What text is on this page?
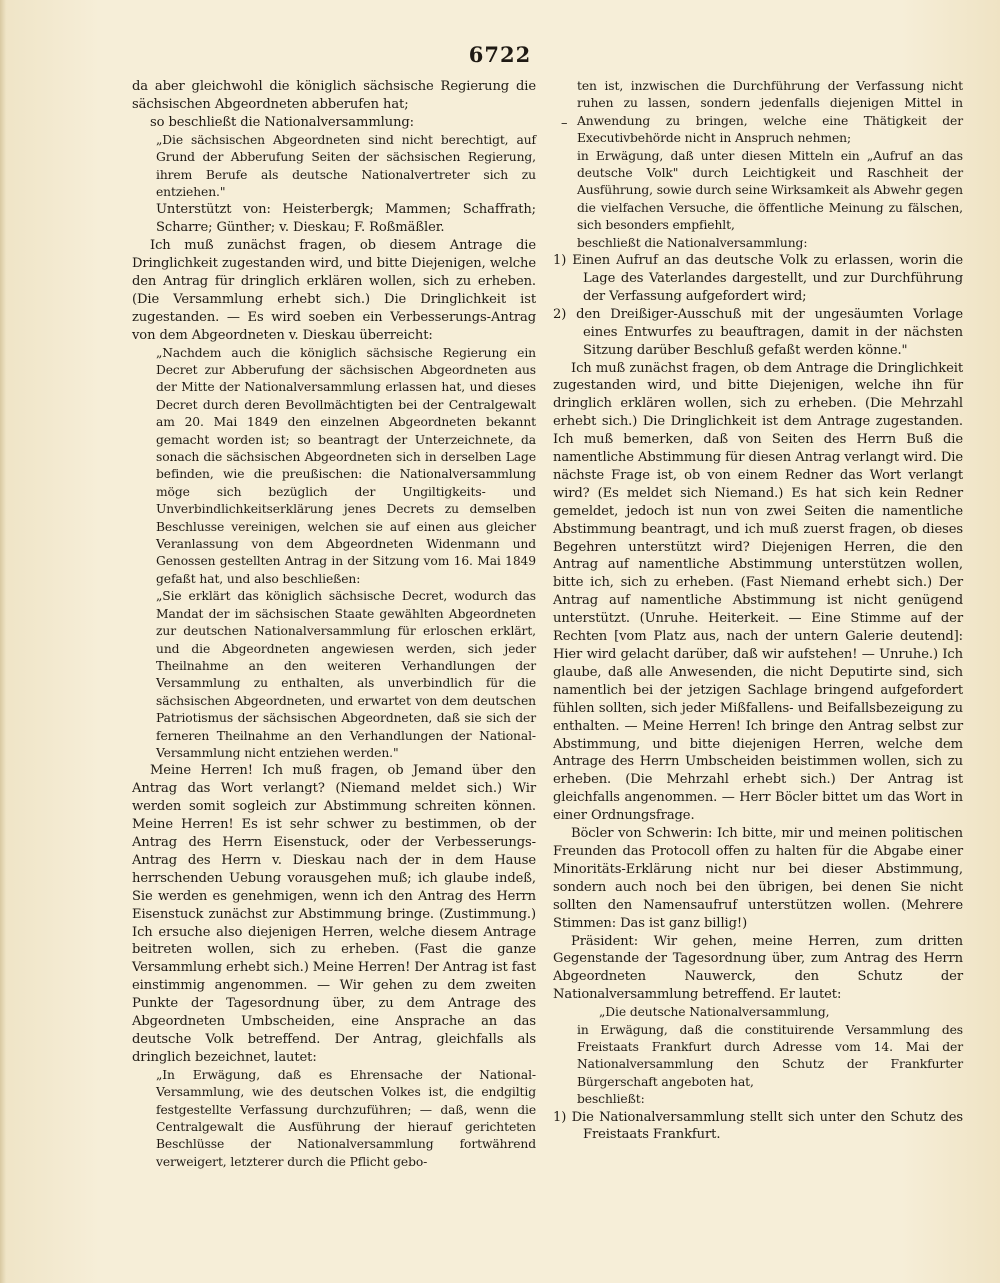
6722
–

da aber gleichwohl die königlich sächsische Regierung die sächsischen Abgeordneten abberufen hat;

so beschließt die Nationalversammlung:

„Die sächsischen Abgeordneten sind nicht berechtigt, auf Grund der Abberufung Seiten der sächsischen Regierung, ihrem Berufe als deutsche Nationalvertreter sich zu entziehen."

Unterstützt von: Heisterbergk; Mammen; Schaffrath; Scharre; Günther; v. Dieskau; F. Roßmäßler.

Ich muß zunächst fragen, ob diesem Antrage die Dringlichkeit zugestanden wird, und bitte Diejenigen, welche den Antrag für dringlich erklären wollen, sich zu erheben. (Die Versammlung erhebt sich.) Die Dringlichkeit ist zugestanden. — Es wird soeben ein Verbesserungs-Antrag von dem Abgeordneten v. Dieskau überreicht:

„Nachdem auch die königlich sächsische Regierung ein Decret zur Abberufung der sächsischen Abgeordneten aus der Mitte der Nationalversammlung erlassen hat, und dieses Decret durch deren Bevollmächtigten bei der Centralgewalt am 20. Mai 1849 den einzelnen Abgeordneten bekannt gemacht worden ist; so beantragt der Unterzeichnete, da sonach die sächsischen Abgeordneten sich in derselben Lage befinden, wie die preußischen: die Nationalversammlung möge sich bezüglich der Ungiltigkeits- und Unverbindlichkeitserklärung jenes Decrets zu demselben Beschlusse vereinigen, welchen sie auf einen aus gleicher Veranlassung von dem Abgeordneten Widenmann und Genossen gestellten Antrag in der Sitzung vom 16. Mai 1849 gefaßt hat, und also beschließen:

„Sie erklärt das königlich sächsische Decret, wodurch das Mandat der im sächsischen Staate gewählten Abgeordneten zur deutschen Nationalversammlung für erloschen erklärt, und die Abgeordneten angewiesen werden, sich jeder Theilnahme an den weiteren Verhandlungen der Versammlung zu enthalten, als unverbindlich für die sächsischen Abgeordneten, und erwartet von dem deutschen Patriotismus der sächsischen Abgeordneten, daß sie sich der ferneren Theilnahme an den Verhandlungen der National-Versammlung nicht entziehen werden."

Meine Herren! Ich muß fragen, ob Jemand über den Antrag das Wort verlangt? (Niemand meldet sich.) Wir werden somit sogleich zur Abstimmung schreiten können. Meine Herren! Es ist sehr schwer zu bestimmen, ob der Antrag des Herrn Eisenstuck, oder der Verbesserungs-Antrag des Herrn v. Dieskau nach der in dem Hause herrschenden Uebung vorausgehen muß; ich glaube indeß, Sie werden es genehmigen, wenn ich den Antrag des Herrn Eisenstuck zunächst zur Abstimmung bringe. (Zustimmung.) Ich ersuche also diejenigen Herren, welche diesem Antrage beitreten wollen, sich zu erheben. (Fast die ganze Versammlung erhebt sich.) Meine Herren! Der Antrag ist fast einstimmig angenommen. — Wir gehen zu dem zweiten Punkte der Tagesordnung über, zu dem Antrage des Abgeordneten Umbscheiden, eine Ansprache an das deutsche Volk betreffend. Der Antrag, gleichfalls als dringlich bezeichnet, lautet:

„In Erwägung, daß es Ehrensache der National-Versammlung, wie des deutschen Volkes ist, die endgiltig festgestellte Verfassung durchzuführen; — daß, wenn die Centralgewalt die Ausführung der hierauf gerichteten Beschlüsse der Nationalversammlung fortwährend verweigert, letzterer durch die Pflicht gebo-

ten ist, inzwischen die Durchführung der Verfassung nicht ruhen zu lassen, sondern jedenfalls diejenigen Mittel in Anwendung zu bringen, welche eine Thätigkeit der Executivbehörde nicht in Anspruch nehmen;

in Erwägung, daß unter diesen Mitteln ein „Aufruf an das deutsche Volk" durch Leichtigkeit und Raschheit der Ausführung, sowie durch seine Wirksamkeit als Abwehr gegen die vielfachen Versuche, die öffentliche Meinung zu fälschen, sich besonders empfiehlt,

beschließt die Nationalversammlung:

1) Einen Aufruf an das deutsche Volk zu erlassen, worin die Lage des Vaterlandes dargestellt, und zur Durchführung der Verfassung aufgefordert wird;

2) den Dreißiger-Ausschuß mit der ungesäumten Vorlage eines Entwurfes zu beauftragen, damit in der nächsten Sitzung darüber Beschluß gefaßt werden könne."

Ich muß zunächst fragen, ob dem Antrage die Dringlichkeit zugestanden wird, und bitte Diejenigen, welche ihn für dringlich erklären wollen, sich zu erheben. (Die Mehrzahl erhebt sich.) Die Dringlichkeit ist dem Antrage zugestanden. Ich muß bemerken, daß von Seiten des Herrn Buß die namentliche Abstimmung für diesen Antrag verlangt wird. Die nächste Frage ist, ob von einem Redner das Wort verlangt wird? (Es meldet sich Niemand.) Es hat sich kein Redner gemeldet, jedoch ist nun von zwei Seiten die namentliche Abstimmung beantragt, und ich muß zuerst fragen, ob dieses Begehren unterstützt wird? Diejenigen Herren, die den Antrag auf namentliche Abstimmung unterstützen wollen, bitte ich, sich zu erheben. (Fast Niemand erhebt sich.) Der Antrag auf namentliche Abstimmung ist nicht genügend unterstützt. (Unruhe. Heiterkeit. — Eine Stimme auf der Rechten [vom Platz aus, nach der untern Galerie deutend]: Hier wird gelacht darüber, daß wir aufstehen! — Unruhe.) Ich glaube, daß alle Anwesenden, die nicht Deputirte sind, sich namentlich bei der jetzigen Sachlage bringend aufgefordert fühlen sollten, sich jeder Mißfallens- und Beifallsbezeigung zu enthalten. — Meine Herren! Ich bringe den Antrag selbst zur Abstimmung, und bitte diejenigen Herren, welche dem Antrage des Herrn Umbscheiden beistimmen wollen, sich zu erheben. (Die Mehrzahl erhebt sich.) Der Antrag ist gleichfalls angenommen. — Herr Böcler bittet um das Wort in einer Ordnungsfrage.

Böcler von Schwerin: Ich bitte, mir und meinen politischen Freunden das Protocoll offen zu halten für die Abgabe einer Minoritäts-Erklärung nicht nur bei dieser Abstimmung, sondern auch noch bei den übrigen, bei denen Sie nicht sollten den Namensaufruf unterstützen wollen. (Mehrere Stimmen: Das ist ganz billig!)

Präsident: Wir gehen, meine Herren, zum dritten Gegenstande der Tagesordnung über, zum Antrag des Herrn Abgeordneten Nauwerck, den Schutz der Nationalversammlung betreffend. Er lautet:

„Die deutsche Nationalversammlung,

in Erwägung, daß die constituirende Versammlung des Freistaats Frankfurt durch Adresse vom 14. Mai der Nationalversammlung den Schutz der Frankfurter Bürgerschaft angeboten hat,

beschließt:

1) Die Nationalversammlung stellt sich unter den Schutz des Freistaats Frankfurt.
